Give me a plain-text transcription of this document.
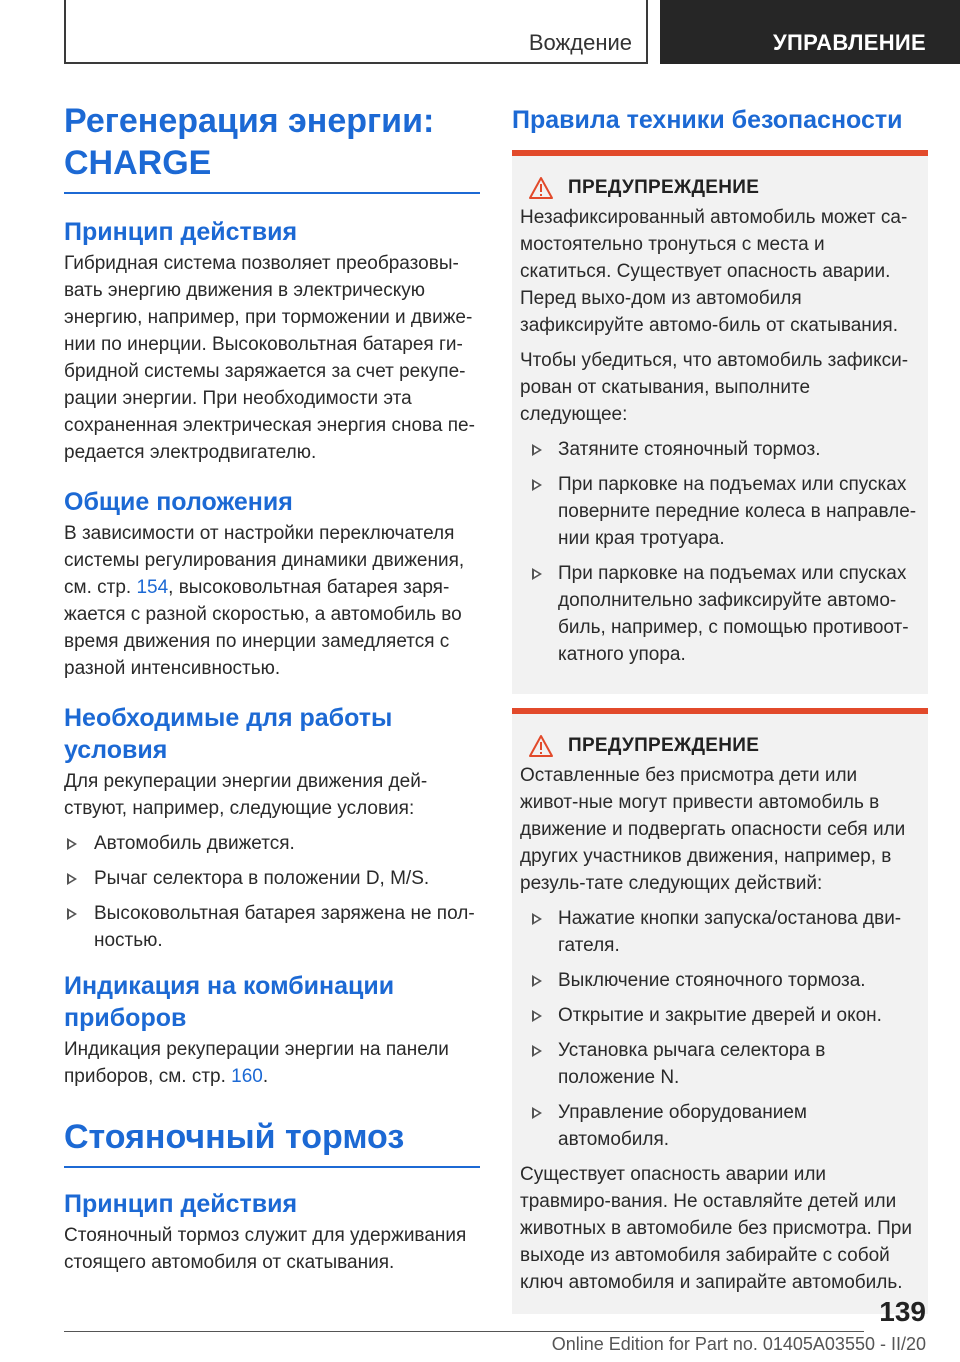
Вождение	УПРАВЛЕНИЕ
Регенерация энергии: CHARGE
Принцип действия

Гибридная система позволяет преобразовы-вать энергию движения в электрическую энергию, например, при торможении и движе-нии по инерции. Высоковольтная батарея ги-бридной системы заряжается за счет рекупе-рации энергии. При необходимости эта сохраненная электрическая энергия снова пе-редается электродвигателю.

Общие положения

В зависимости от настройки переключателя системы регулирования динамики движения, см. стр. 154, высоковольтная батарея заря-жается с разной скоростью, а автомобиль во время движения по инерции замедляется с разной интенсивностью.

Необходимые для работы условия

Для рекуперации энергии движения дей-ствуют, например, следующие условия:

Автомобиль движется.
Рычаг селектора в положении D, M/S.
Высоковольтная батарея заряжена не пол-ностью.
Индикация на комбинации приборов

Индикация рекуперации энергии на панели приборов, см. стр. 160.

Стояночный тормоз
Принцип действия

Стояночный тормоз служит для удерживания стоящего автомобиля от скатывания.

Правила техники безопасности
ПРЕДУПРЕЖДЕНИЕ

Незафиксированный автомобиль может са-мостоятельно тронуться с места и скатиться. Существует опасность аварии. Перед выхо-дом из автомобиля зафиксируйте автомо-биль от скатывания.

Чтобы убедиться, что автомобиль зафикси-рован от скатывания, выполните следующее:

Затяните стояночный тормоз.
При парковке на подъемах или спусках поверните передние колеса в направле-нии края тротуара.
При парковке на подъемах или спусках дополнительно зафиксируйте автомо-биль, например, с помощью противоот-катного упора.
ПРЕДУПРЕЖДЕНИЕ

Оставленные без присмотра дети или живот-ные могут привести автомобиль в движение и подвергать опасности себя или других участников движения, например, в резуль-тате следующих действий:

Нажатие кнопки запуска/останова дви-гателя.
Выключение стояночного тормоза.
Открытие и закрытие дверей и окон.
Установка рычага селектора в положение N.
Управление оборудованием автомобиля.

Существует опасность аварии или травмиро-вания. Не оставляйте детей или животных в автомобиле без присмотра. При выходе из автомобиля забирайте с собой ключ автомобиля и запирайте автомобиль.

139
Online Edition for Part no. 01405A03550 - II/20
